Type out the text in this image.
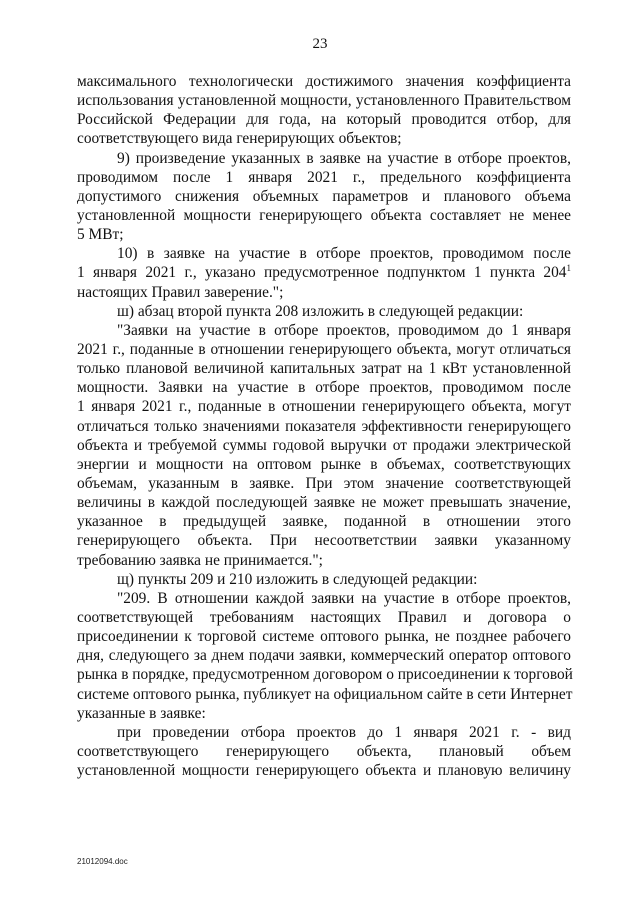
23
максимального технологически достижимого значения коэффициента
использования установленной мощности, установленного Правительством
Российской Федерации для года, на который проводится отбор, для
соответствующего вида генерирующих объектов;
9) произведение указанных в заявке на участие в отборе проектов,
проводимом после 1 января 2021 г., предельного коэффициента
допустимого снижения объемных параметров и планового объема
установленной мощности генерирующего объекта составляет не менее
5 МВт;
10) в заявке на участие в отборе проектов, проводимом после
1 января 2021 г., указано предусмотренное подпунктом 1 пункта $204^1$
настоящих Правил заверение.";
ш) абзац второй пункта 208 изложить в следующей редакции:
"Заявки на участие в отборе проектов, проводимом до 1 января
2021 г., поданные в отношении генерирующего объекта, могут отличаться
только плановой величиной капитальных затрат на 1 кВт установленной
мощности. Заявки на участие в отборе проектов, проводимом после
1 января 2021 г., поданные в отношении генерирующего объекта, могут
отличаться только значениями показателя эффективности генерирующего
объекта и требуемой суммы годовой выручки от продажи электрической
энергии и мощности на оптовом рынке в объемах, соответствующих
объемам, указанным в заявке. При этом значение соответствующей
величины в каждой последующей заявке не может превышать значение,
указанное в предыдущей заявке, поданной в отношении этого
генерирующего объекта. При несоответствии заявки указанному
требованию заявка не принимается.";
щ) пункты 209 и 210 изложить в следующей редакции:
"209. В отношении каждой заявки на участие в отборе проектов,
соответствующей требованиям настоящих Правил и договора о
присоединении к торговой системе оптового рынка, не позднее рабочего
дня, следующего за днем подачи заявки, коммерческий оператор оптового
рынка в порядке, предусмотренном договором о присоединении к торговой
системе оптового рынка, публикует на официальном сайте в сети Интернет
указанные в заявке:
при проведении отбора проектов до 1 января 2021 г. - вид
соответствующего генерирующего объекта, плановый объем
установленной мощности генерирующего объекта и плановую величину
21012094.doc
